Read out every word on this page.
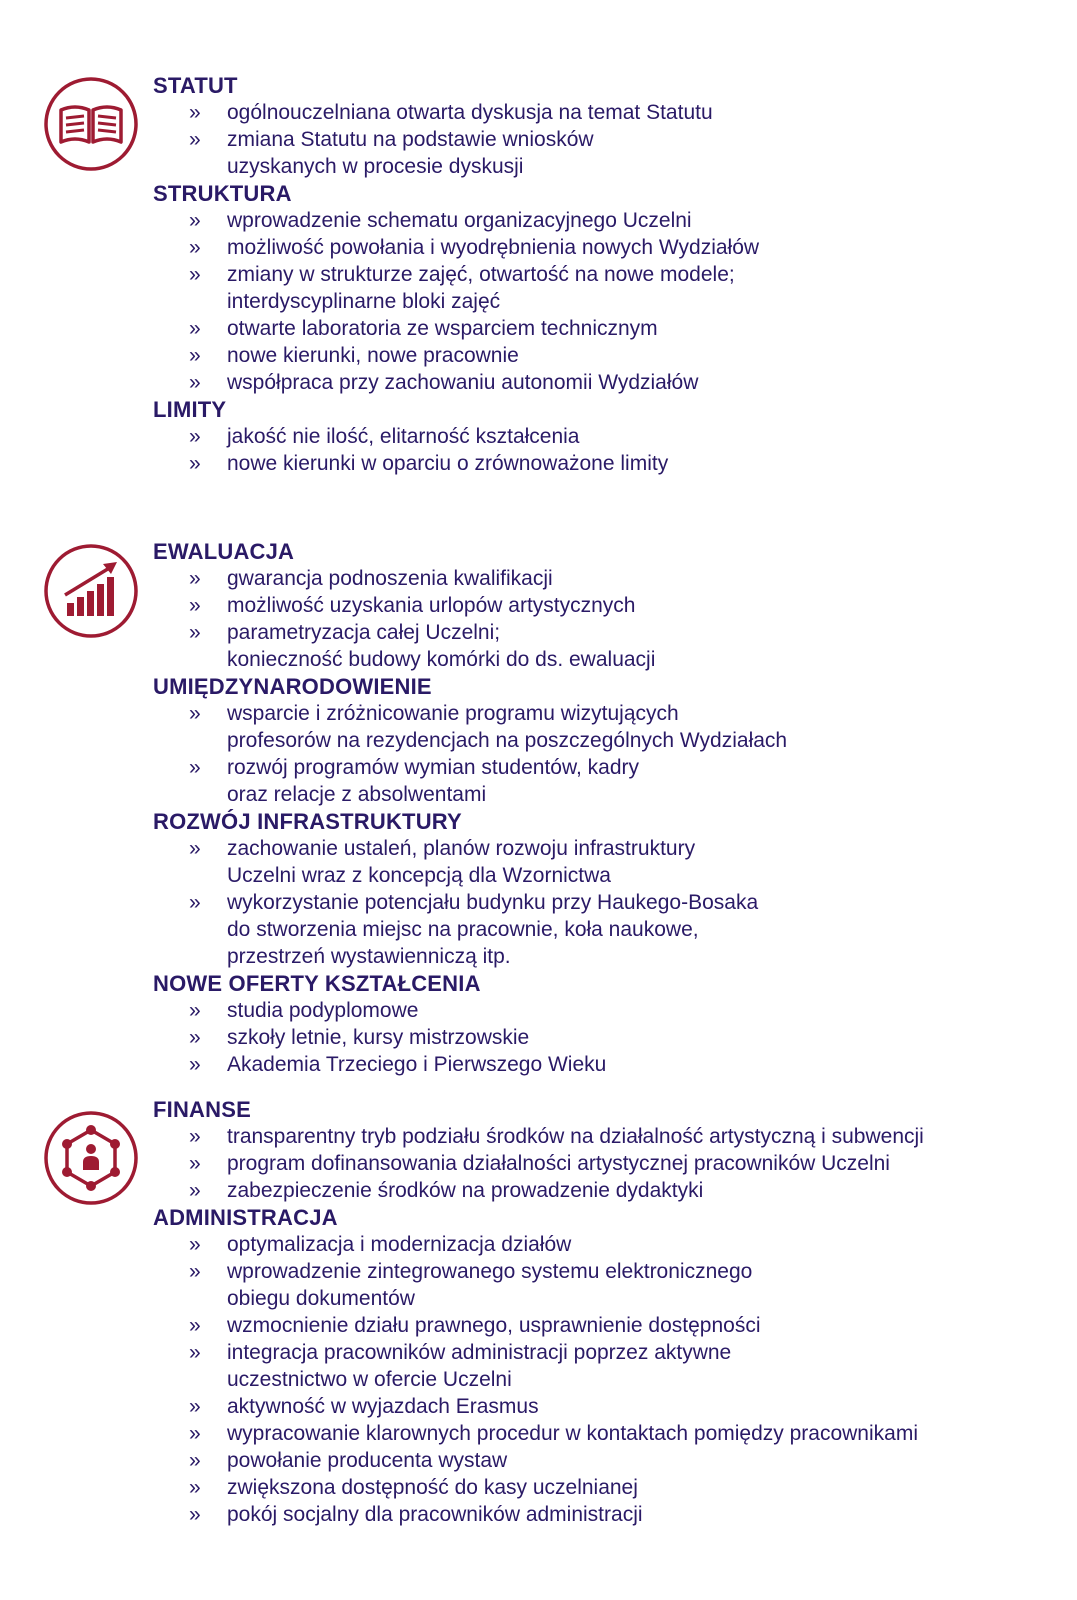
STATUT
» ogólnouczelniana otwarta dyskusja na temat Statutu
» zmiana Statutu na podstawie wniosków
uzyskanych w procesie dyskusji
STRUKTURA
» wprowadzenie schematu organizacyjnego Uczelni
» możliwość powołania i wyodrębnienia nowych Wydziałów
» zmiany w strukturze zajęć, otwartość na nowe modele;
interdyscyplinarne bloki zajęć
» otwarte laboratoria ze wsparciem technicznym
» nowe kierunki, nowe pracownie
» współpraca przy zachowaniu autonomii Wydziałów
LIMITY
» jakość nie ilość, elitarność kształcenia
» nowe kierunki w oparciu o zrównoważone limity
EWALUACJA
» gwarancja podnoszenia kwalifikacji
» możliwość uzyskania urlopów artystycznych
» parametryzacja całej Uczelni;
konieczność budowy komórki do ds. ewaluacji
UMIĘDZYNARODOWIENIE
» wsparcie i zróżnicowanie programu wizytujących
profesorów na rezydencjach na poszczególnych Wydziałach
» rozwój programów wymian studentów, kadry
oraz relacje z absolwentami
ROZWÓJ INFRASTRUKTURY
» zachowanie ustaleń, planów rozwoju infrastruktury
Uczelni wraz z koncepcją dla Wzornictwa
» wykorzystanie potencjału budynku przy Haukego-Bosaka
do stworzenia miejsc na pracownie, koła naukowe,
przestrzeń wystawienniczą itp.
NOWE OFERTY KSZTAŁCENIA
» studia podyplomowe
» szkoły letnie, kursy mistrzowskie
» Akademia Trzeciego i Pierwszego Wieku
FINANSE
» transparentny tryb podziału środków na działalność artystyczną i subwencji
» program dofinansowania działalności artystycznej pracowników Uczelni
» zabezpieczenie środków na prowadzenie dydaktyki
ADMINISTRACJA
» optymalizacja i modernizacja działów
» wprowadzenie zintegrowanego systemu elektronicznego
obiegu dokumentów
» wzmocnienie działu prawnego, usprawnienie dostępności
» integracja pracowników administracji poprzez aktywne
uczestnictwo w ofercie Uczelni
» aktywność w wyjazdach Erasmus
» wypracowanie klarownych procedur w kontaktach pomiędzy pracownikami
» powołanie producenta wystaw
» zwiększona dostępność do kasy uczelnianej
» pokój socjalny dla pracowników administracji
